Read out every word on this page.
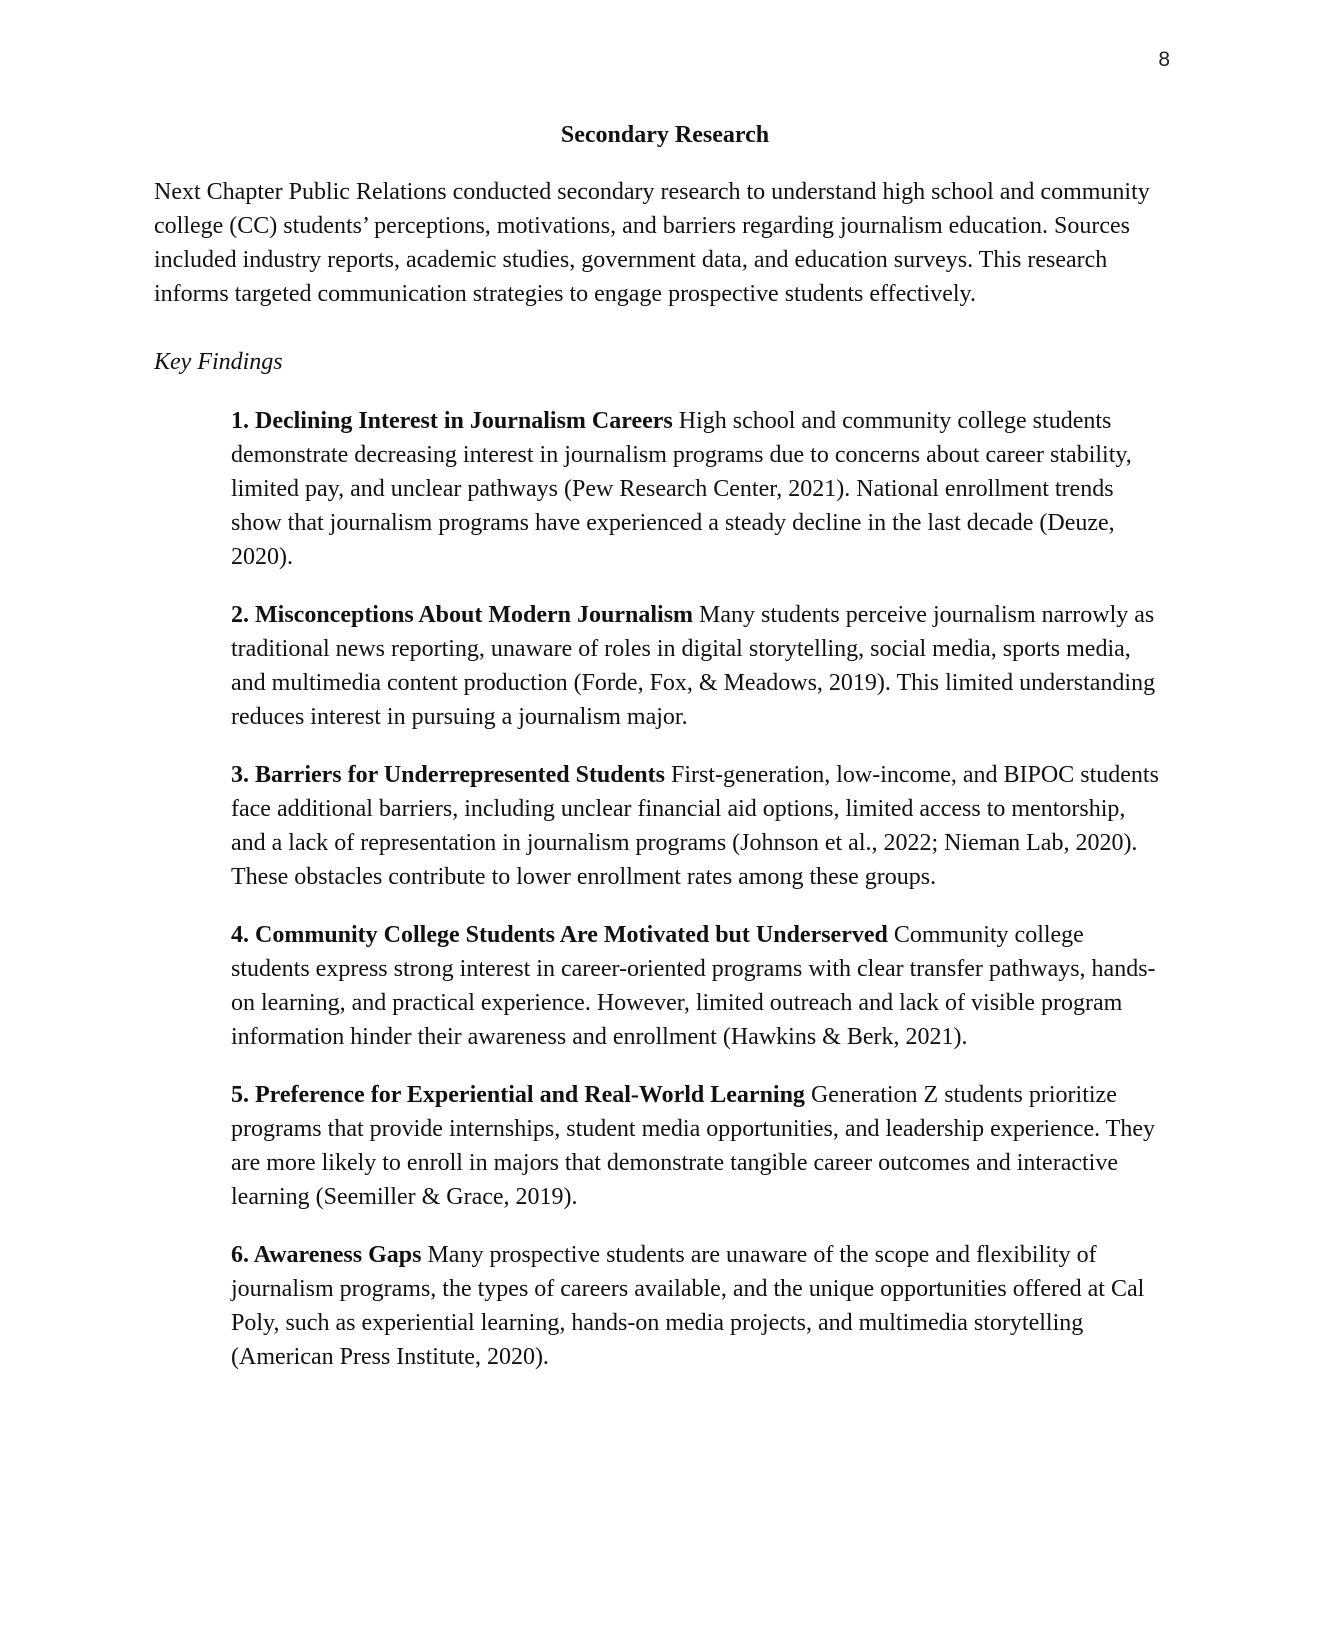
8
Secondary Research

Next Chapter Public Relations conducted secondary research to understand high school and community college (CC) students’ perceptions, motivations, and barriers regarding journalism education. Sources included industry reports, academic studies, government data, and education surveys. This research informs targeted communication strategies to engage prospective students effectively.

Key Findings

1. Declining Interest in Journalism Careers High school and community college students demonstrate decreasing interest in journalism programs due to concerns about career stability, limited pay, and unclear pathways (Pew Research Center, 2021). National enrollment trends show that journalism programs have experienced a steady decline in the last decade (Deuze, 2020).
2. Misconceptions About Modern Journalism Many students perceive journalism narrowly as traditional news reporting, unaware of roles in digital storytelling, social media, sports media, and multimedia content production (Forde, Fox, & Meadows, 2019). This limited understanding reduces interest in pursuing a journalism major.
3. Barriers for Underrepresented Students First-generation, low-income, and BIPOC students face additional barriers, including unclear financial aid options, limited access to mentorship, and a lack of representation in journalism programs (Johnson et al., 2022; Nieman Lab, 2020). These obstacles contribute to lower enrollment rates among these groups.
4. Community College Students Are Motivated but Underserved Community college students express strong interest in career-oriented programs with clear transfer pathways, hands-on learning, and practical experience. However, limited outreach and lack of visible program information hinder their awareness and enrollment (Hawkins & Berk, 2021).
5. Preference for Experiential and Real-World Learning Generation Z students prioritize programs that provide internships, student media opportunities, and leadership experience. They are more likely to enroll in majors that demonstrate tangible career outcomes and interactive learning (Seemiller & Grace, 2019).
6. Awareness Gaps Many prospective students are unaware of the scope and flexibility of journalism programs, the types of careers available, and the unique opportunities offered at Cal Poly, such as experiential learning, hands-on media projects, and multimedia storytelling (American Press Institute, 2020).
